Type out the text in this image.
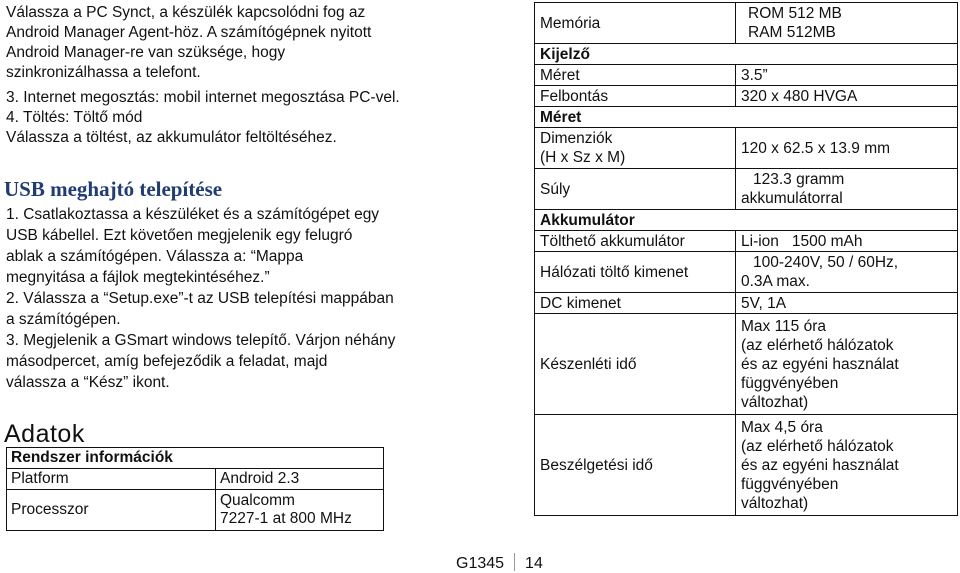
Válassza a PC Synct, a készülék kapcsolódni fog az
Android Manager Agent-höz. A számítógépnek nyitott
Android Manager-re van szüksége, hogy
szinkronizálhassa a telefont.
3. Internet megosztás: mobil internet megosztása PC-vel.
4. Töltés: Töltő mód
Válassza a töltést, az akkumulátor feltöltéséhez.
USB meghajtó telepítése
1. Csatlakoztassa a készüléket és a számítógépet egy
USB kábellel. Ezt követően megjelenik egy felugró
ablak a számítógépen. Válassza a: “Mappa
megnyitása a fájlok megtekintéséhez.”
2. Válassza a “Setup.exe”-t az USB telepítési mappában
a számítógépen.
3. Megjelenik a GSmart windows telepítő. Várjon néhány
másodpercet, amíg befejeződik a feladat, majd
válassza a “Kész” ikont.
Adatok
Rendszer információk	
Platform	Android 2.3
Processzor	Qualcomm
7227-1 at 800 MHz
Memória	ROM 512 MB
RAM 512MB

Kijelző	
Méret	3.5”
Felbontás	320 x 480 HVGA
Méret	

Dimenziók
(H x Sz x M)	120 x 62.5 x 13.9 mm
Súly	123.3 gramm
akkumulátorral

Akkumulátor	
Tölthető akkumulátor	Li-ion   1500 mAh
Hálózati töltő kimenet	100-240V, 50 / 60Hz,
0.3A max.

DC kimenet	5V, 1A
Készenléti idő	Max 115 óra
(az elérhető hálózatok
és az egyéni használat
függvényében
változhat)

Beszélgetési idő	Max 4,5 óra
(az elérhető hálózatok
és az egyéni használat
függvényében
változhat)
G1345 14
